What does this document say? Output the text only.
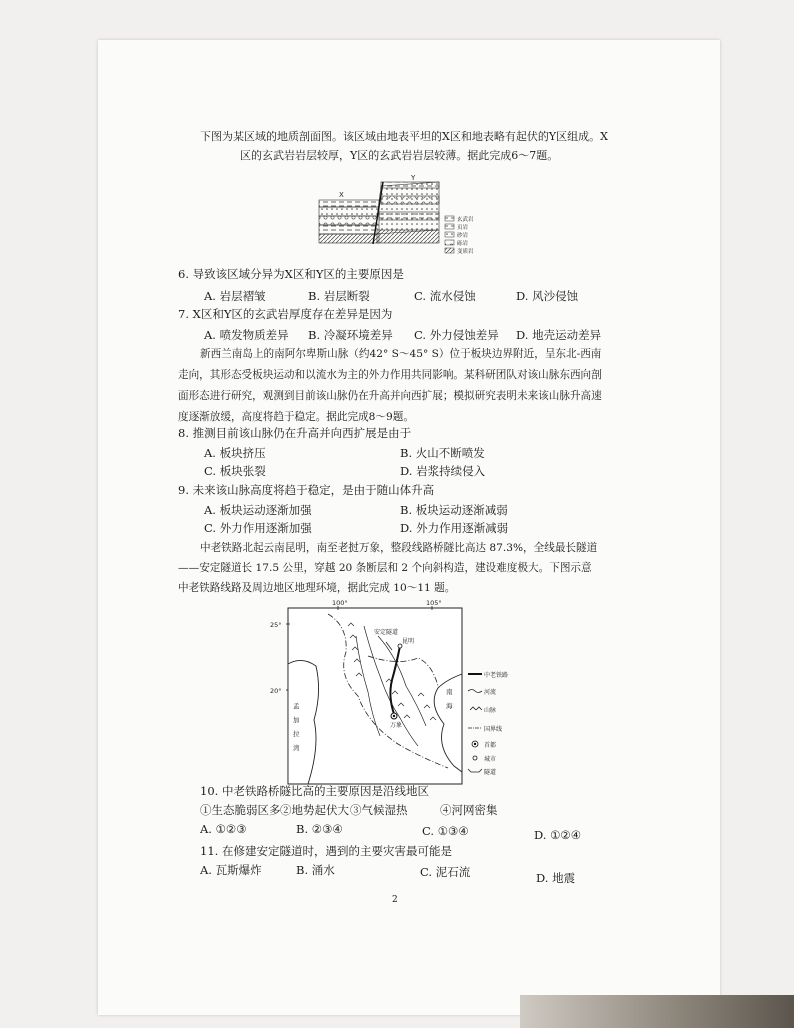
下图为某区域的地质剖面图。该区域由地表平坦的X区和地表略有起伏的Y区组成。X
区的玄武岩岩层较厚，Y区的玄武岩岩层较薄。据此完成6～7题。
X
Y
玄武岩
页岩
砂岩
砾岩
变质岩
6. 导致该区域分异为X区和Y区的主要原因是
A. 岩层褶皱	B. 岩层断裂	C. 流水侵蚀	D. 风沙侵蚀
7. X区和Y区的玄武岩厚度存在差异是因为
A. 喷发物质差异 B. 冷凝环境差异 C. 外力侵蚀差异 D. 地壳运动差异
新西兰南岛上的南阿尔卑斯山脉（约42° S～45° S）位于板块边界附近，呈东北-西南
走向，其形态受板块运动和以流水为主的外力作用共同影响。某科研团队对该山脉东西向剖
面形态进行研究，观测到目前该山脉仍在升高并向西扩展；模拟研究表明未来该山脉升高速
度逐渐放缓，高度将趋于稳定。据此完成8～9题。
8. 推测目前该山脉仍在升高并向西扩展是由于
A. 板块挤压	B. 火山不断喷发
C. 板块张裂	D. 岩浆持续侵入
9. 未来该山脉高度将趋于稳定，是由于随山体升高
A. 板块运动逐渐加强	B. 板块运动逐渐减弱
C. 外力作用逐渐加强	D. 外力作用逐渐减弱
中老铁路北起云南昆明，南至老挝万象，整段线路桥隧比高达 87.3%，全线最长隧道
——安定隧道长 17.5 公里，穿越 20 条断层和 2 个向斜构造，建设难度极大。下图示意
中老铁路线路及周边地区地理环境，据此完成 10～11 题。
100°	105°
25°
20°
安定隧道
昆明
万象
南
海
孟
加
拉
湾
中老铁路
河流
山脉
国界线
首都
城市
隧道
10. 中老铁路桥隧比高的主要原因是沿线地区
①生态脆弱区多 ②地势起伏大 ③气候湿热	④河网密集
A. ①②③	B. ②③④	C. ①③④	D. ①②④
11. 在修建安定隧道时，遇到的主要灾害最可能是
A. 瓦斯爆炸	B. 涌水	C. 泥石流	D. 地震
2
